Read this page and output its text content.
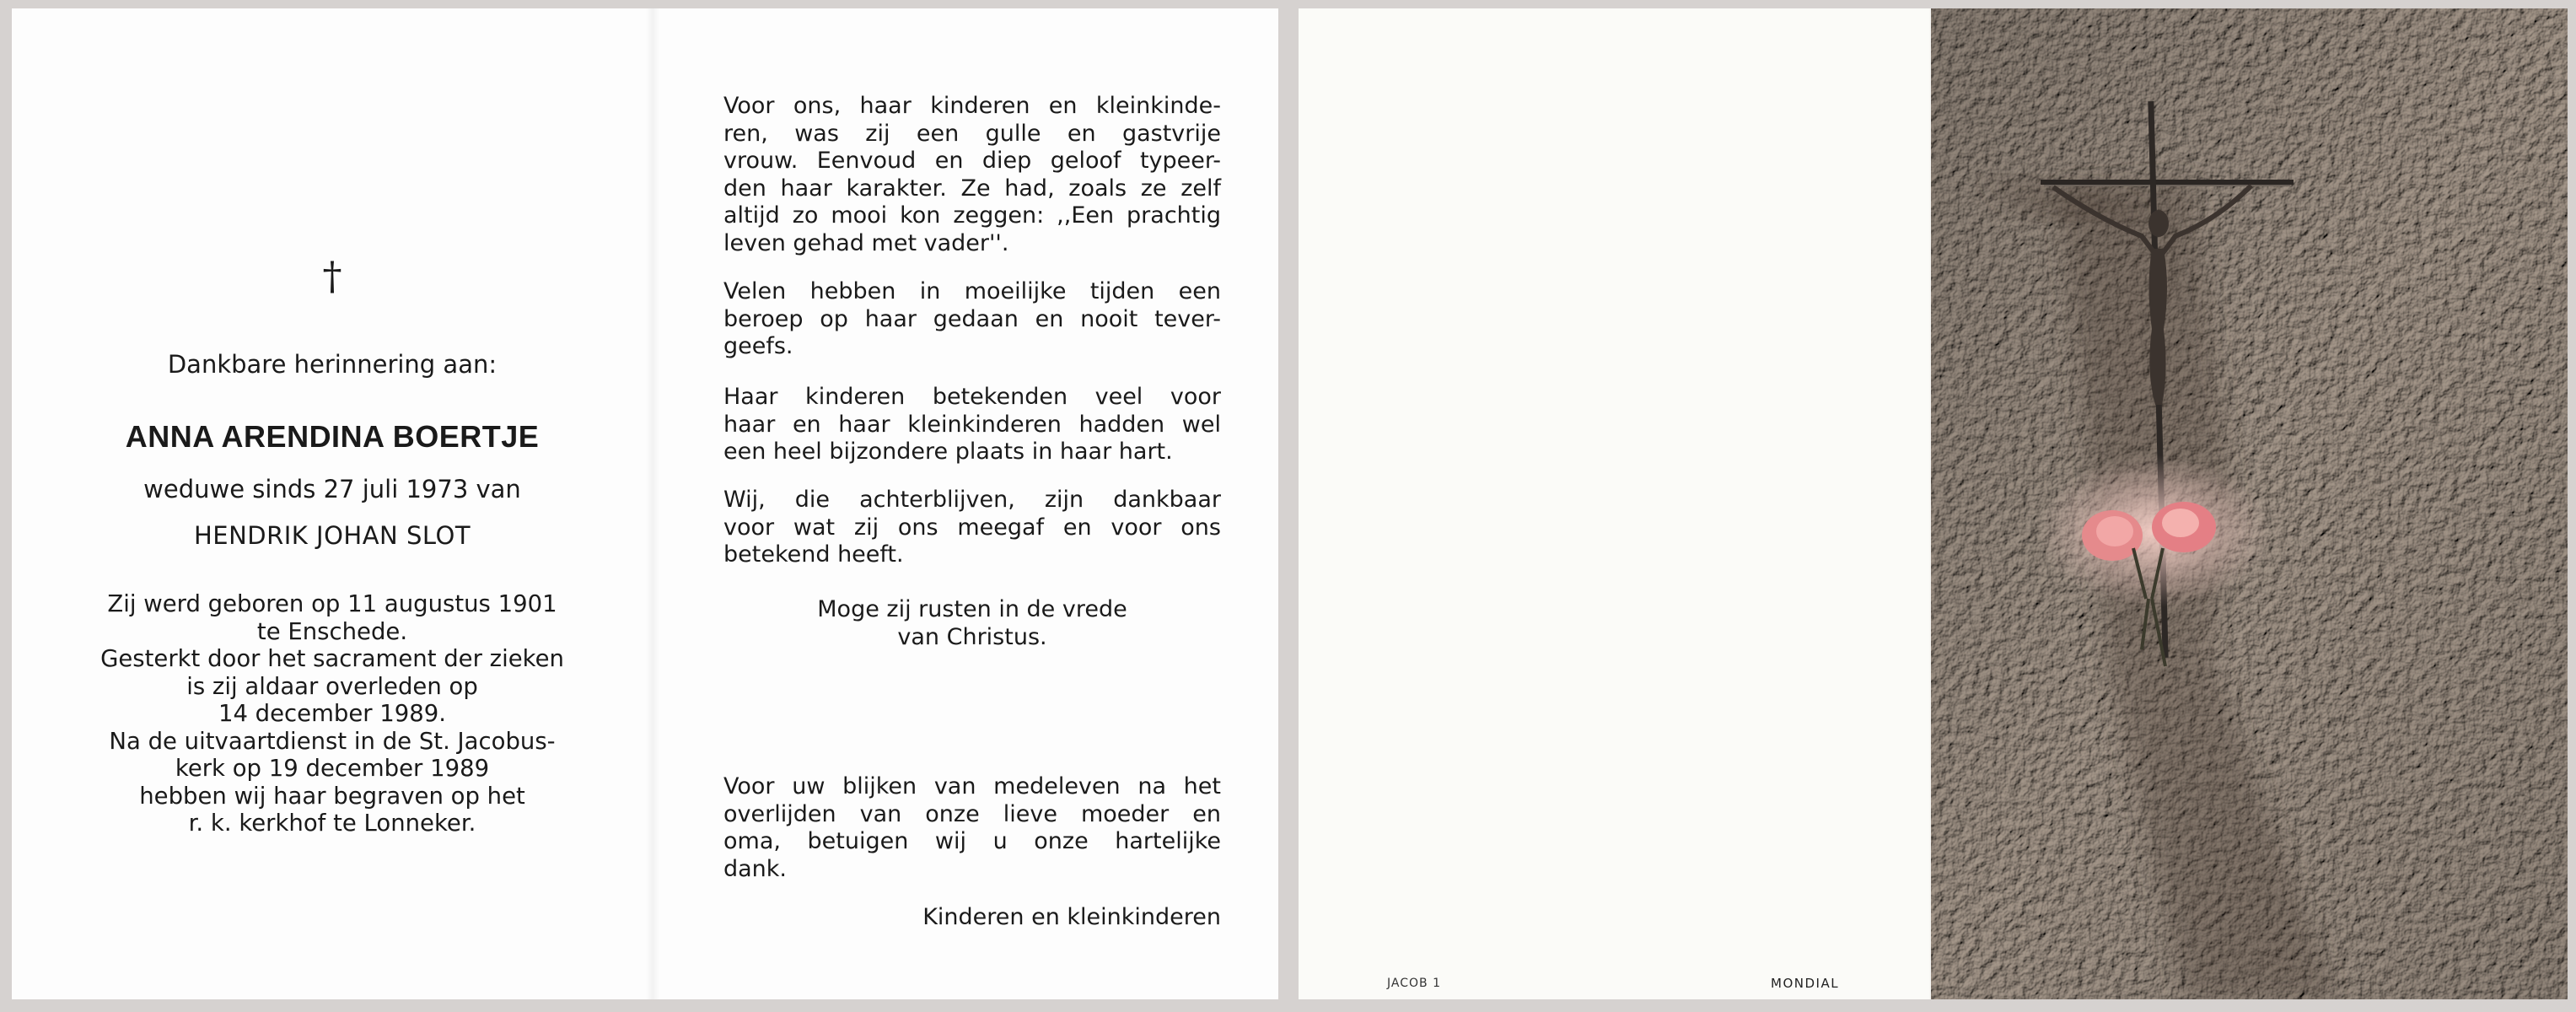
†
Dankbare herinnering aan:
ANNA ARENDINA BOERTJE
weduwe sinds 27 juli 1973 van
HENDRIK JOHAN SLOT
Zij werd geboren op 11 augustus 1901
te Enschede.
Gesterkt door het sacrament der zieken
is zij aldaar overleden op
14 december 1989.
Na de uitvaartdienst in de St. Jacobus-
kerk op 19 december 1989
hebben wij haar begraven op het
r. k. kerkhof te Lonneker.
Voor ons, haar kinderen en kleinkinde-
ren, was zij een gulle en gastvrije
vrouw. Eenvoud en diep geloof typeer-
den haar karakter. Ze had, zoals ze zelf
altijd zo mooi kon zeggen: ,,Een prachtig
leven gehad met vader''.
Velen hebben in moeilijke tijden een
beroep op haar gedaan en nooit tever-
geefs.
Haar kinderen betekenden veel voor
haar en haar kleinkinderen hadden wel
een heel bijzondere plaats in haar hart.
Wij, die achterblijven, zijn dankbaar
voor wat zij ons meegaf en voor ons
betekend heeft.
Moge zij rusten in de vrede
van Christus.
Voor uw blijken van medeleven na het
overlijden van onze lieve moeder en
oma, betuigen wij u onze hartelijke
dank.
Kinderen en kleinkinderen
JACOB 1	MONDIAL
